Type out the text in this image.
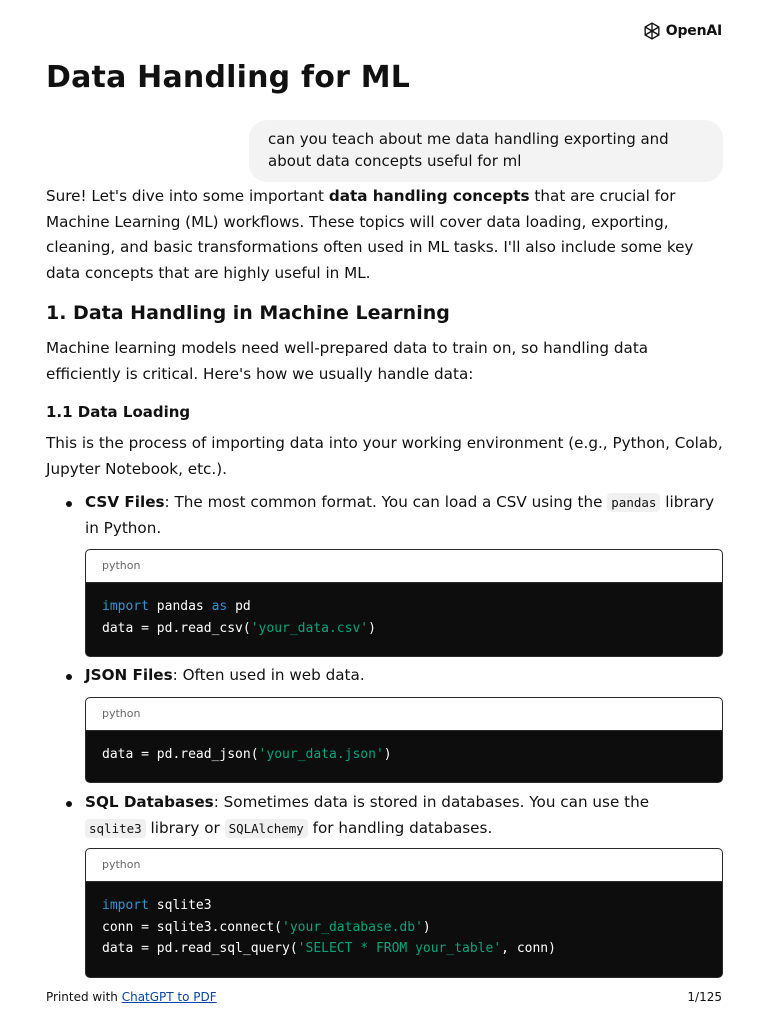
OpenAI
Data Handling for ML
can you teach about me data handling exporting and
about data concepts useful for ml

Sure! Let's dive into some important data handling concepts that are crucial for Machine Learning (ML) workflows. These topics will cover data loading, exporting, cleaning, and basic transformations often used in ML tasks. I'll also include some key data concepts that are highly useful in ML.

1. Data Handling in Machine Learning

Machine learning models need well-prepared data to train on, so handling data efficiently is critical. Here's how we usually handle data:

1.1 Data Loading

This is the process of importing data into your working environment (e.g., Python, Colab, Jupyter Notebook, etc.).

CSV Files: The most common format. You can load a CSV using the pandas library in Python.
python
import pandas as pd
data = pd.read_csv('your_data.csv')
JSON Files: Often used in web data.
python
data = pd.read_json('your_data.json')
SQL Databases: Sometimes data is stored in databases. You can use the
sqlite3 library or SQLAlchemy for handling databases.
python
import sqlite3
conn = sqlite3.connect('your_database.db')
data = pd.read_sql_query('SELECT * FROM your_table', conn)
Printed with ChatGPT to PDF	1/125
